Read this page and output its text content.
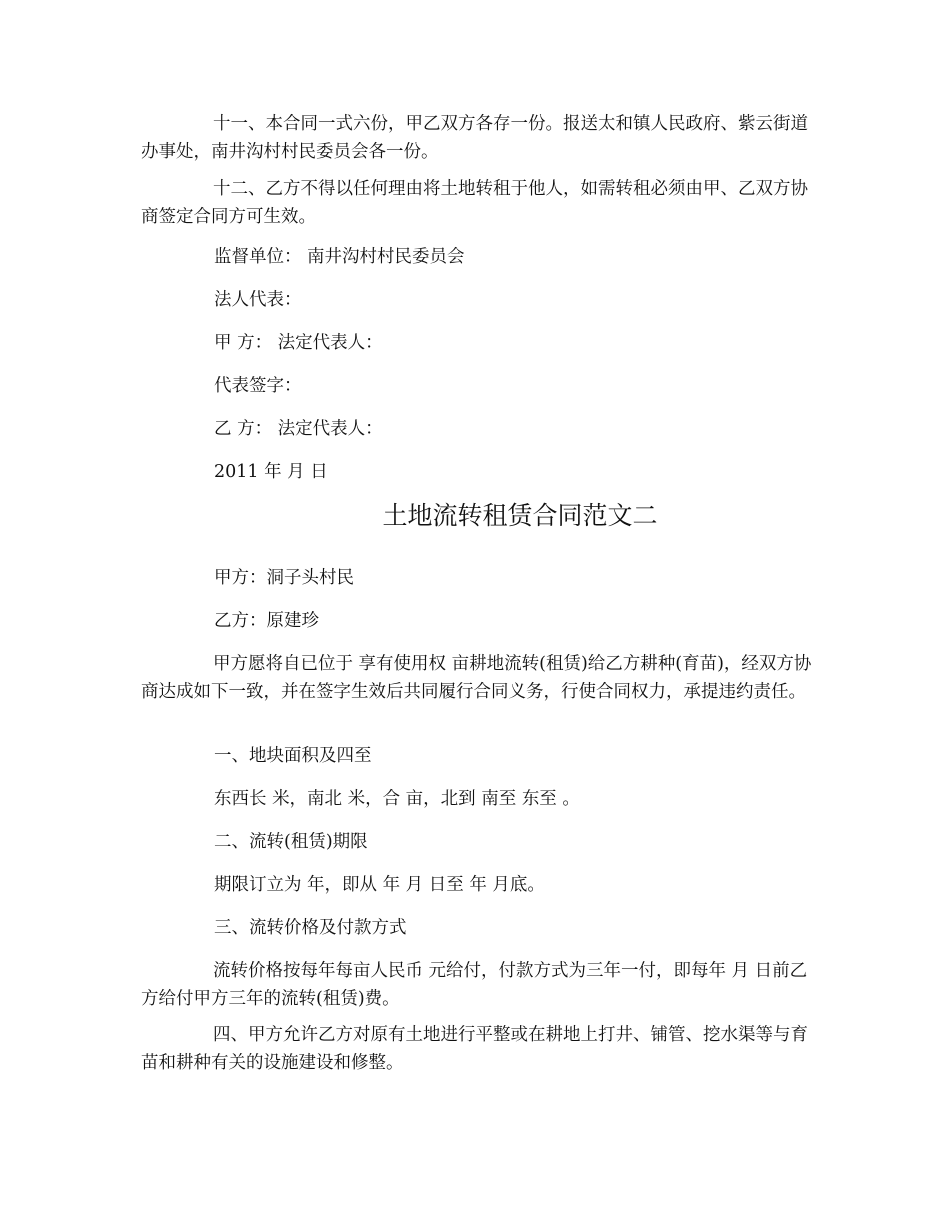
十一、本合同一式六份，甲乙双方各存一份。报送太和镇人民政府、紫云街道办事处，南井沟村村民委员会各一份。

十二、乙方不得以任何理由将土地转租于他人，如需转租必须由甲、乙双方协商签定合同方可生效。

监督单位： 南井沟村村民委员会

法人代表：

甲 方： 法定代表人：

代表签字：

乙 方： 法定代表人：

2011 年 月 日

土地流转租赁合同范文二

甲方：洞子头村民

乙方：原建珍

甲方愿将自已位于 享有使用权 亩耕地流转(租赁)给乙方耕种(育苗)，经双方协商达成如下一致，并在签字生效后共同履行合同义务，行使合同权力，承提违约责任。

一、地块面积及四至

东西长 米，南北 米，合 亩，北到 南至 东至 。

二、流转(租赁)期限

期限订立为 年，即从 年 月 日至 年 月底。

三、流转价格及付款方式

流转价格按每年每亩人民币 元给付，付款方式为三年一付，即每年 月 日前乙方给付甲方三年的流转(租赁)费。

四、甲方允许乙方对原有土地进行平整或在耕地上打井、铺管、挖水渠等与育苗和耕种有关的设施建设和修整。
